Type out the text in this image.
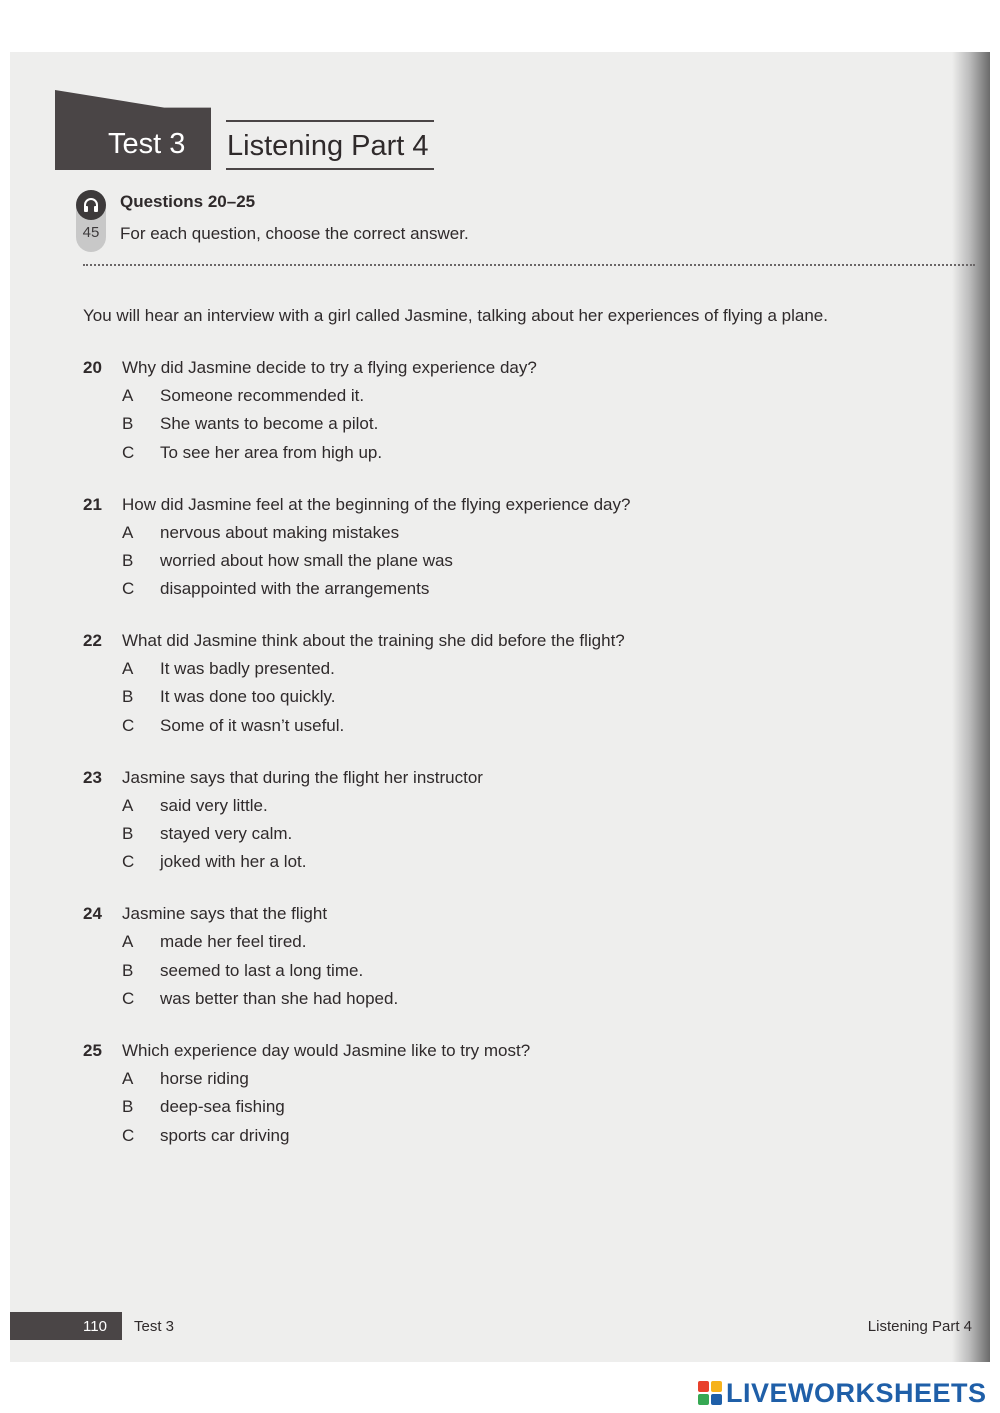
Test 3 Listening Part 4
45
Questions 20–25
For each question, choose the correct answer.
You will hear an interview with a girl called Jasmine, talking about her experiences of flying a plane.
20 Why did Jasmine decide to try a flying experience day?
A Someone recommended it.
B She wants to become a pilot.
C To see her area from high up.
21 How did Jasmine feel at the beginning of the flying experience day?
A nervous about making mistakes
B worried about how small the plane was
C disappointed with the arrangements
22 What did Jasmine think about the training she did before the flight?
A It was badly presented.
B It was done too quickly.
C Some of it wasn’t useful.
23 Jasmine says that during the flight her instructor
A said very little.
B stayed very calm.
C joked with her a lot.
24 Jasmine says that the flight
A made her feel tired.
B seemed to last a long time.
C was better than she had hoped.
25 Which experience day would Jasmine like to try most?
A horse riding
B deep-sea fishing
C sports car driving
110 Test 3	Listening Part 4
LIVEWORKSHEETS
